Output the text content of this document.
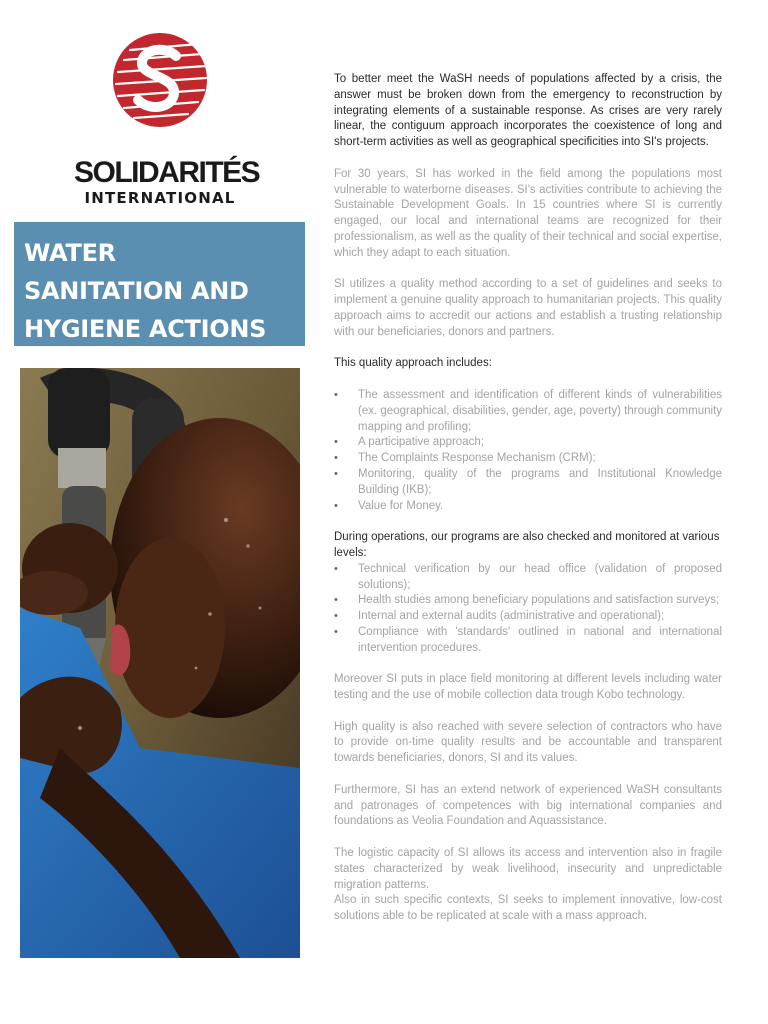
SOLIDARITÉS
INTERNATIONAL
WATER
SANITATION AND
HYGIENE ACTIONS

To better meet the WaSH needs of populations affected by a crisis, the answer must be broken down from the emergency to reconstruction by integrating elements of a sustainable response. As crises are very rarely linear, the contiguum approach incorporates the coexistence of long and short-term activities as well as geographical specificities into SI's projects.

For 30 years, SI has worked in the field among the populations most vulnerable to waterborne diseases. SI's activities contribute to achieving the Sustainable Development Goals. In 15 countries where SI is currently engaged, our local and international teams are recognized for their professionalism, as well as the quality of their technical and social expertise, which they adapt to each situation.

SI utilizes a quality method according to a set of guidelines and seeks to implement a genuine quality approach to humanitarian projects. This quality approach aims to accredit our actions and establish a trusting relationship with our beneficiaries, donors and partners.

This quality approach includes:

• The assessment and identification of different kinds of vulnerabilities (ex. geographical, disabilities, gender, age, poverty) through community mapping and profiling;
• A participative approach;
• The Complaints Response Mechanism (CRM);
• Monitoring, quality of the programs and Institutional Knowledge Building (IKB);
• Value for Money.

During operations, our programs are also checked and monitored at various levels:

• Technical verification by our head office (validation of proposed solutions);
• Health studies among beneficiary populations and satisfaction surveys;
• Internal and external audits (administrative and operational);
• Compliance with 'standards' outlined in national and international intervention procedures.

Moreover SI puts in place field monitoring at different levels including water testing and the use of mobile collection data trough Kobo technology.

High quality is also reached with severe selection of contractors who have to provide on-time quality results and be accountable and transparent towards beneficiaries, donors, SI and its values.

Furthermore, SI has an extend network of experienced WaSH consultants and patronages of competences with big international companies and foundations as Veolia Foundation and Aquassistance.

The logistic capacity of SI allows its access and intervention also in fragile states characterized by weak livelihood, insecurity and unpredictable migration patterns.

Also in such specific contexts, SI seeks to implement innovative, low-cost solutions able to be replicated at scale with a mass approach.
